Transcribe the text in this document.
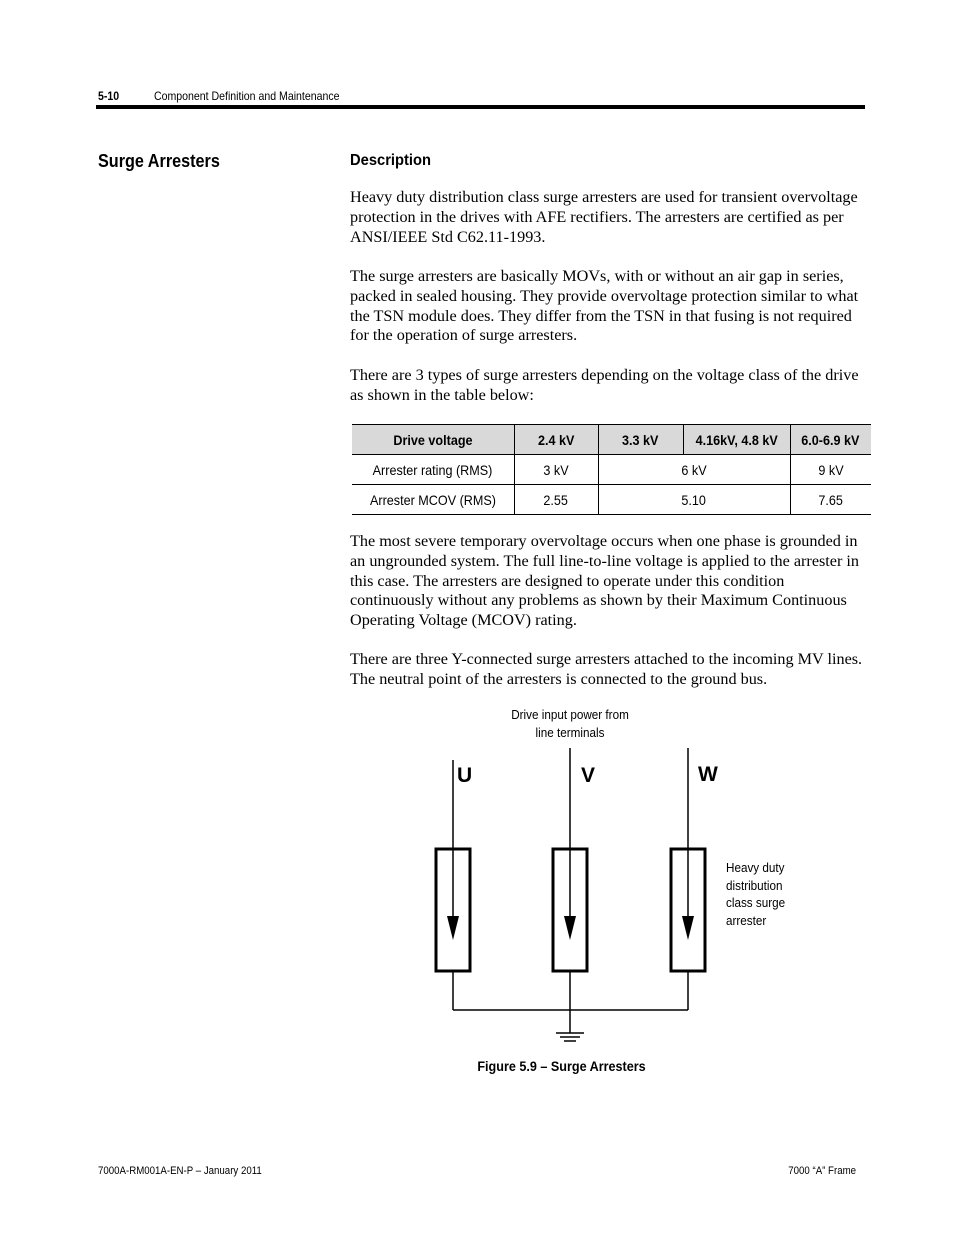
5-10	Component Definition and Maintenance
Surge Arresters	Description

Heavy duty distribution class surge arresters are used for transient overvoltage protection in the drives with AFE rectifiers. The arresters are certified as per ANSI/IEEE Std C62.11-1993.

The surge arresters are basically MOVs, with or without an air gap in series, packed in sealed housing. They provide overvoltage protection similar to what the TSN module does. They differ from the TSN in that fusing is not required for the operation of surge arresters.

There are 3 types of surge arresters depending on the voltage class of the drive as shown in the table below:

Drive voltage	2.4 kV	3.3 kV	4.16kV, 4.8 kV	6.0-6.9 kV
Arrester rating (RMS)	3 kV	6 kV		9 kV
Arrester MCOV (RMS)	2.55	5.10		7.65

The most severe temporary overvoltage occurs when one phase is grounded in an ungrounded system. The full line-to-line voltage is applied to the arrester in this case. The arresters are designed to operate under this condition continuously without any problems as shown by their Maximum Continuous Operating Voltage (MCOV) rating.

There are three Y-connected surge arresters attached to the incoming MV lines. The neutral point of the arresters is connected to the ground bus.

Drive input power from
line terminals
U	V	W
Heavy duty
distribution
class surge
arrester
Figure 5.9 – Surge Arresters
7000A-RM001A-EN-P – January 2011	7000 “A” Frame
